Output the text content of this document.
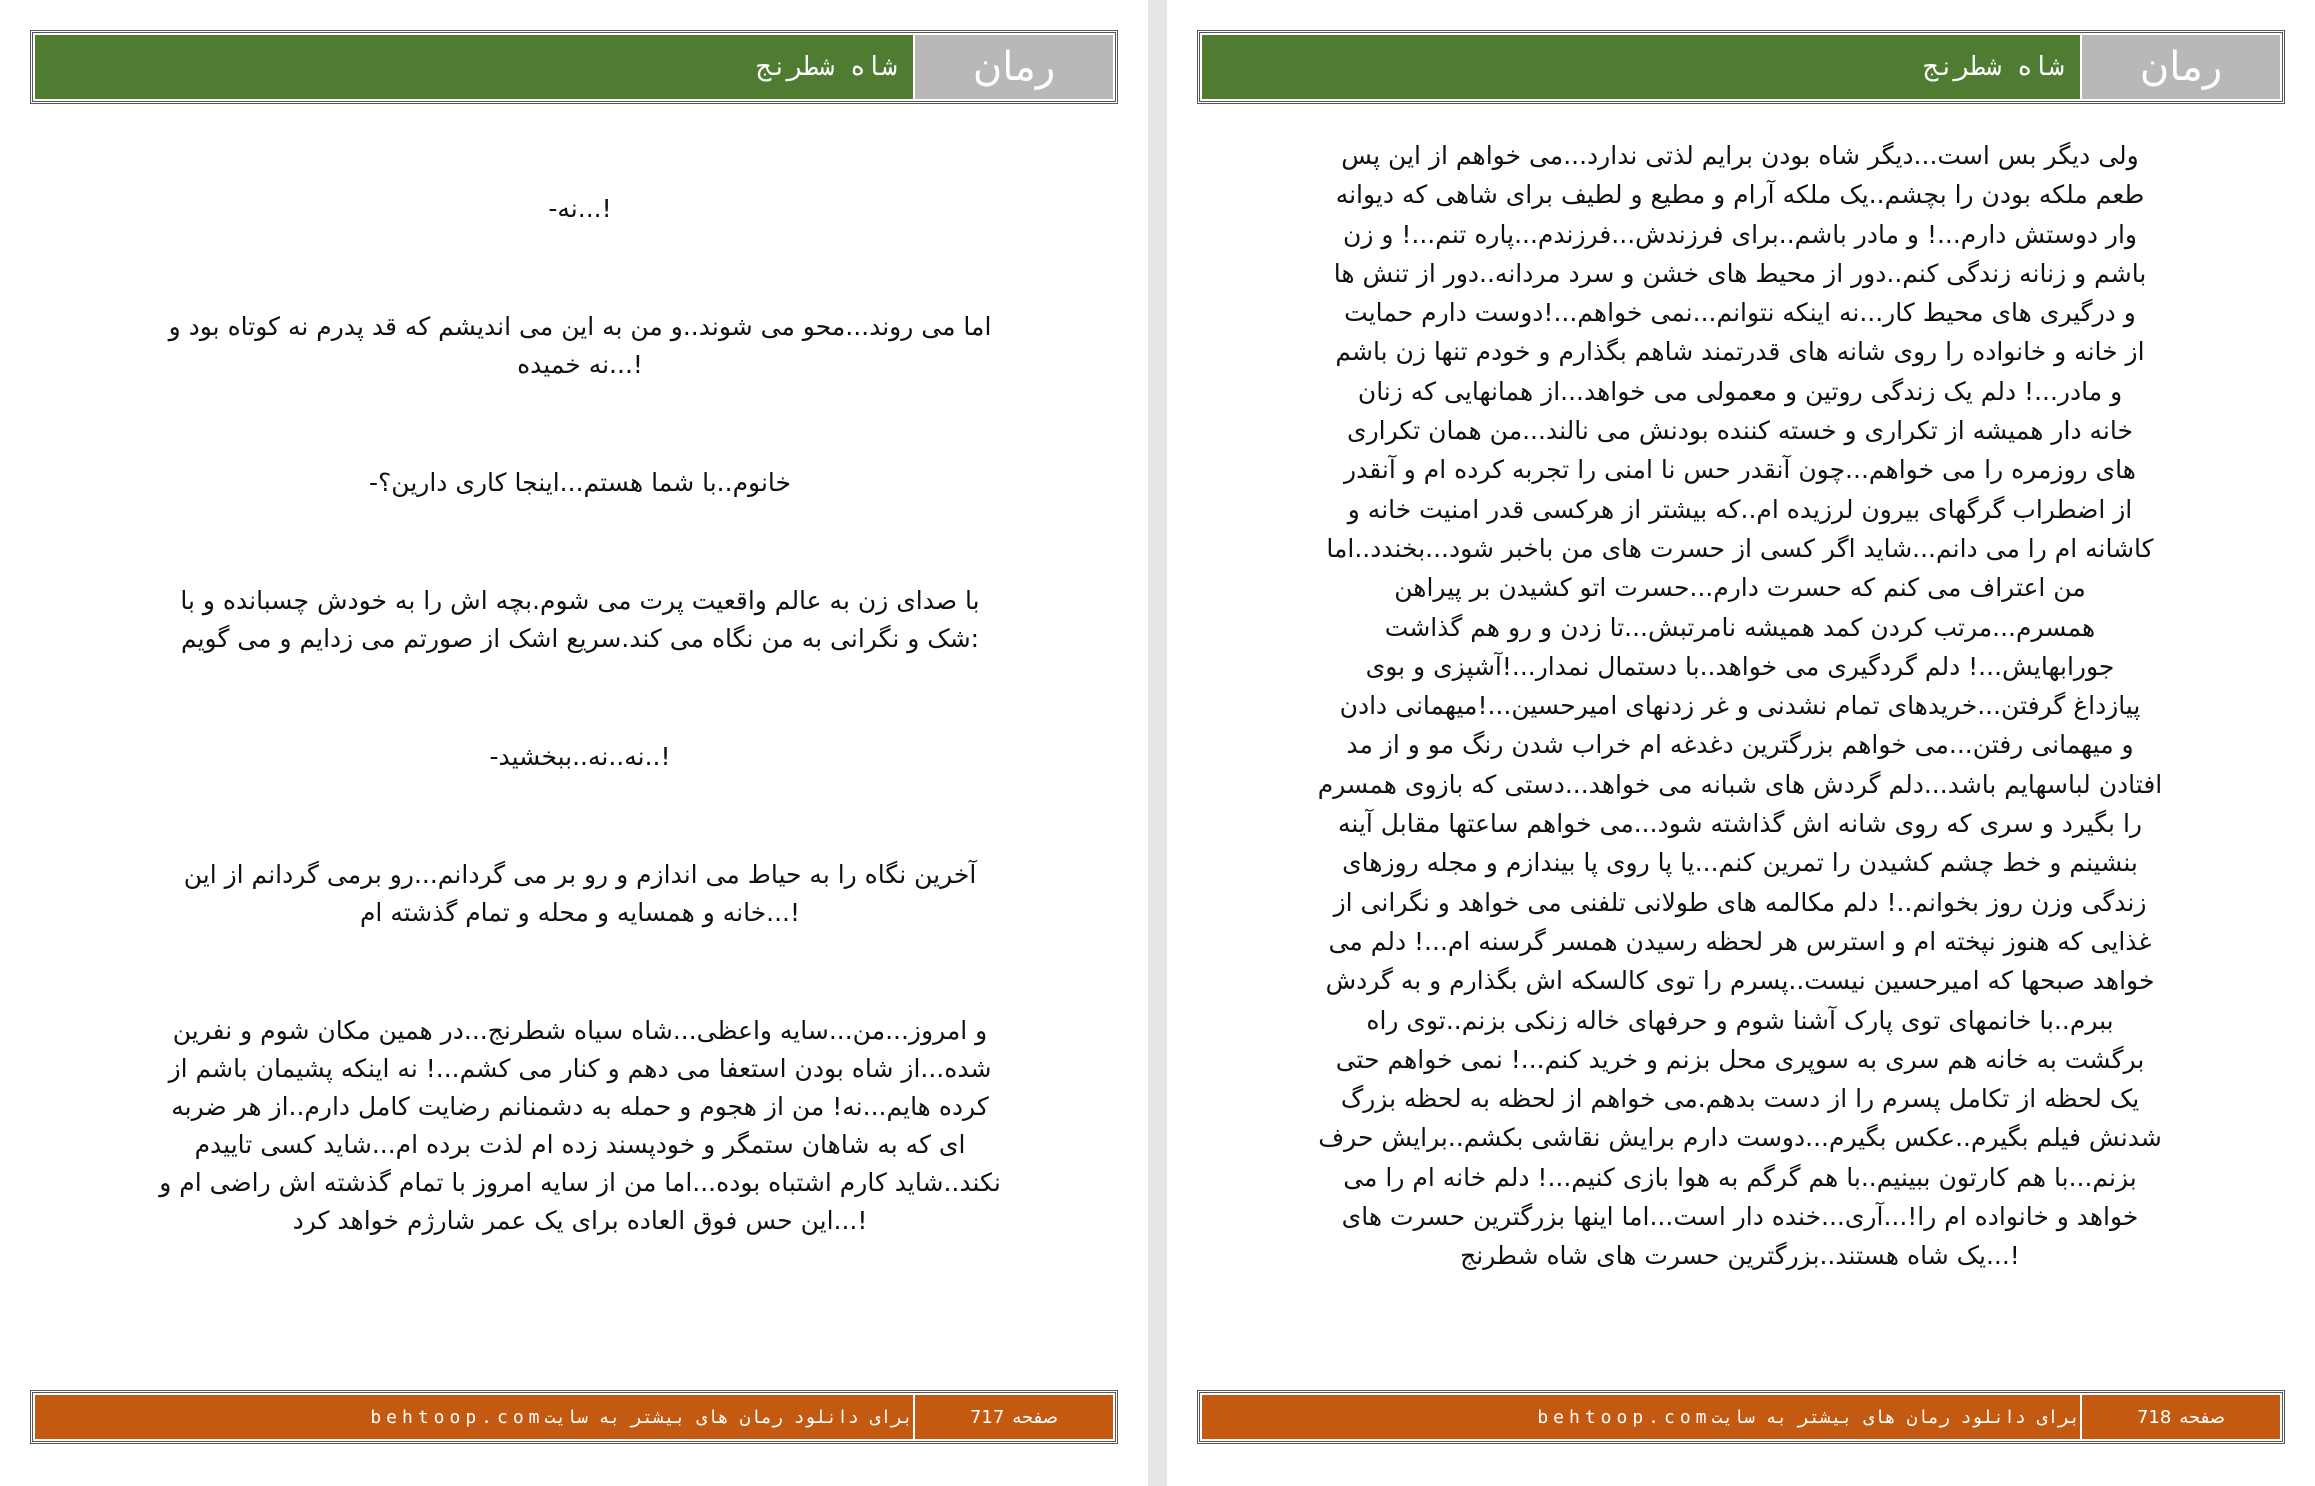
رمان
شاه شطرنج

!...نه-

اما می روند...محو می شوند..و من به این می اندیشم که قد پدرم نه کوتاه بود و

!...نه خمیده

خانوم..با شما هستم...اینجا کاری دارین؟-

با صدای زن به عالم واقعیت پرت می شوم.بچه اش را به خودش چسبانده و با

:شک و نگرانی به من نگاه می کند.سریع اشک از صورتم می زدایم و می گویم

!..نه..نه..ببخشید-

آخرین نگاه را به حیاط می اندازم و رو بر می گردانم...رو برمی گردانم از این

!...خانه و همسایه و محله و تمام گذشته ام

و امروز...من...سایه واعظی...شاه سیاه شطرنج...در همین مکان شوم و نفرین

شده...از شاه بودن استعفا می دهم و کنار می کشم...! نه اینکه پشیمان باشم از

کرده هایم...نه! من از هجوم و حمله به دشمنانم رضایت کامل دارم..از هر ضربه

ای که به شاهان ستمگر و خودپسند زده ام لذت برده ام...شاید کسی تاییدم

نکند..شاید کارم اشتباه بوده...اما من از سایه امروز با تمام گذشته اش راضی ام و

!...این حس فوق العاده برای یک عمر شارژم خواهد کرد

صفحه
717
behtoop.com برای دانلود رمان های بیشتر به سایت
رمان
شاه شطرنج
صفحه
718
behtoop.com برای دانلود رمان های بیشتر به سایت

ولی دیگر بس است...دیگر شاه بودن برایم لذتی ندارد...می خواهم از این پس

طعم ملکه بودن را بچشم..یک ملکه آرام و مطیع و لطیف برای شاهی که دیوانه

وار دوستش دارم...! و مادر باشم..برای فرزندش...فرزندم...پاره تنم...! و زن

باشم و زنانه زندگی کنم..دور از محیط های خشن و سرد مردانه..دور از تنش ها

و درگیری های محیط کار...نه اینکه نتوانم...نمی خواهم...!دوست دارم حمایت

از خانه و خانواده را روی شانه های قدرتمند شاهم بگذارم و خودم تنها زن باشم

و مادر...! دلم یک زندگی روتین و معمولی می خواهد...از همانهایی که زنان

خانه دار همیشه از تکراری و خسته کننده بودنش می نالند...من همان تکراری

های روزمره را می خواهم...چون آنقدر حس نا امنی را تجربه کرده ام و آنقدر

از اضطراب گرگهای بیرون لرزیده ام..که بیشتر از هرکسی قدر امنیت خانه و

کاشانه ام را می دانم...شاید اگر کسی از حسرت های من باخبر شود...بخندد..اما

من اعتراف می کنم که حسرت دارم...حسرت اتو کشیدن بر پیراهن

همسرم...مرتب کردن کمد همیشه نامرتبش...تا زدن و رو هم گذاشت

جورابهایش...! دلم گردگیری می خواهد..با دستمال نمدار...!آشپزی و بوی

پیازداغ گرفتن...خریدهای تمام نشدنی و غر زدنهای امیرحسین...!میهمانی دادن

و میهمانی رفتن...می خواهم بزرگترین دغدغه ام خراب شدن رنگ مو و از مد

افتادن لباسهایم باشد...دلم گردش های شبانه می خواهد...دستی که بازوی همسرم

را بگیرد و سری که روی شانه اش گذاشته شود...می خواهم ساعتها مقابل آینه

بنشینم و خط چشم کشیدن را تمرین کنم...یا پا روی پا بیندازم و مجله روزهای

زندگی وزن روز بخوانم..! دلم مکالمه های طولانی تلفنی می خواهد و نگرانی از

غذایی که هنوز نپخته ام و استرس هر لحظه رسیدن همسر گرسنه ام...! دلم می

خواهد صبحها که امیرحسین نیست..پسرم را توی کالسکه اش بگذارم و به گردش

ببرم..با خانمهای توی پارک آشنا شوم و حرفهای خاله زنکی بزنم..توی راه

برگشت به خانه هم سری به سوپری محل بزنم و خرید کنم...! نمی خواهم حتی

یک لحظه از تکامل پسرم را از دست بدهم.می خواهم از لحظه به لحظه بزرگ

شدنش فیلم بگیرم..عکس بگیرم...دوست دارم برایش نقاشی بکشم..برایش حرف

بزنم...با هم کارتون ببینیم..با هم گرگم به هوا بازی کنیم...! دلم خانه ام را می

خواهد و خانواده ام را!...آری...خنده دار است...اما اینها بزرگترین حسرت های

!...یک شاه هستند..بزرگترین حسرت های شاه شطرنج
